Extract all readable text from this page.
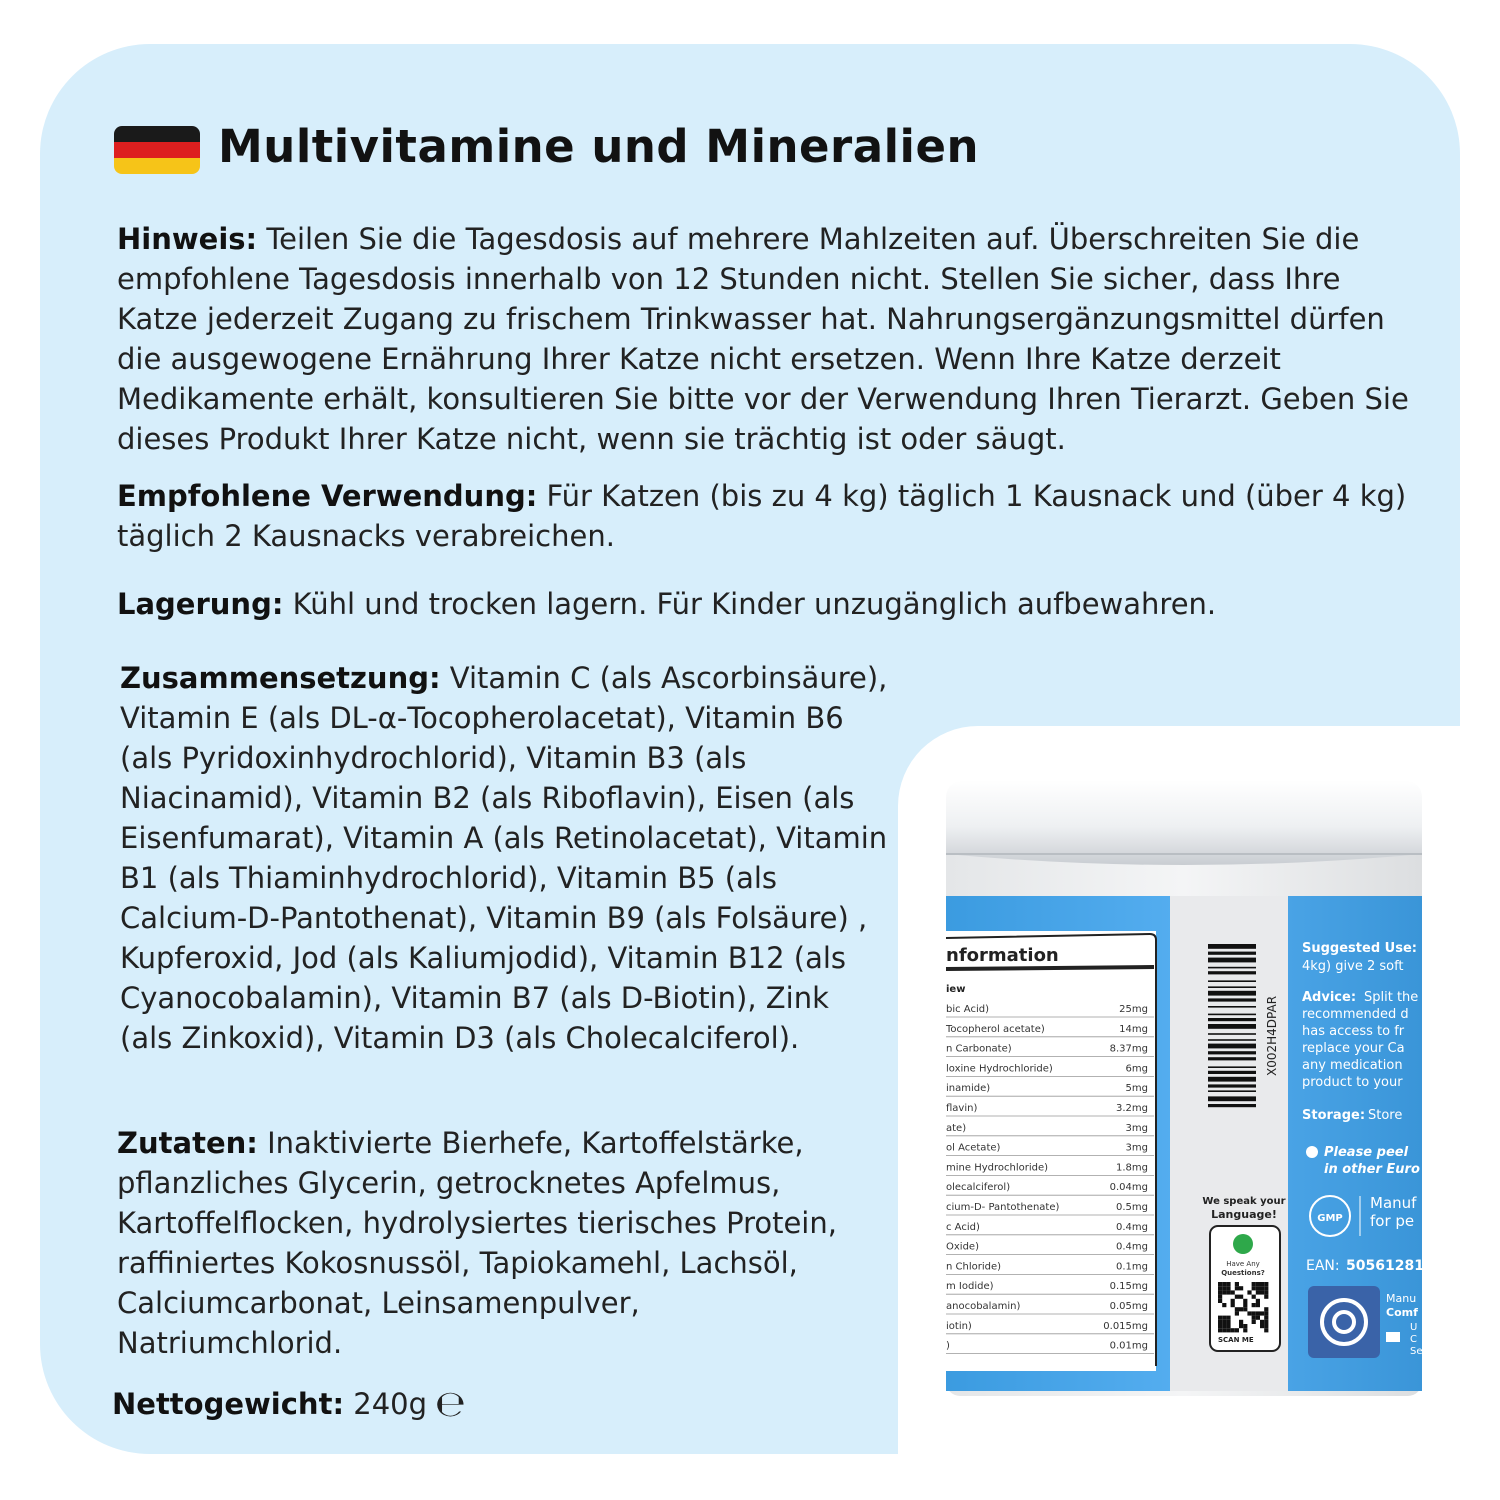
Multivitamine und Mineralien

Hinweis: Teilen Sie die Tagesdosis auf mehrere Mahlzeiten auf. Überschreiten Sie die empfohlene Tagesdosis innerhalb von 12 Stunden nicht. Stellen Sie sicher, dass Ihre Katze jederzeit Zugang zu frischem Trinkwasser hat. Nahrungsergänzungsmittel dürfen die ausgewogene Ernährung Ihrer Katze nicht ersetzen. Wenn Ihre Katze derzeit Medikamente erhält, konsultieren Sie bitte vor der Verwendung Ihren Tierarzt. Geben Sie dieses Produkt Ihrer Katze nicht, wenn sie trächtig ist oder säugt.

Empfohlene Verwendung: Für Katzen (bis zu 4 kg) täglich 1 Kausnack und (über 4 kg) täglich 2 Kausnacks verabreichen.

Lagerung: Kühl und trocken lagern. Für Kinder unzugänglich aufbewahren.

Zusammensetzung: Vitamin C (als Ascorbinsäure), Vitamin E (als DL-α-Tocopherolacetat), Vitamin B6 (als Pyridoxinhydrochlorid), Vitamin B3 (als Niacinamid), Vitamin B2 (als Riboflavin), Eisen (als Eisenfumarat), Vitamin A (als Retinolacetat), Vitamin B1 (als Thiaminhydrochlorid), Vitamin B5 (als Calcium-D-Pantothenat), Vitamin B9 (als Folsäure) , Kupferoxid, Jod (als Kaliumjodid), Vitamin B12 (als Cyanocobalamin), Vitamin B7 (als D-Biotin), Zink (als Zinkoxid), Vitamin D3 (als Cholecalciferol).

Zutaten: Inaktivierte Bierhefe, Kartoffelstärke, pflanzliches Glycerin, getrocknetes Apfelmus, Kartoffelflocken, hydrolysiertes tierisches Protein, raffiniertes Kokosnussöl, Tapiokamehl, Lachsöl, Calciumcarbonat, Leinsamenpulver, Natriumchlorid.

Nettogewicht: 240g ℮

nformation
iew
bic Acid)	25mg
Tocopherol acetate)	14mg
n Carbonate)	8.37mg
loxine Hydrochloride)	6mg
inamide)	5mg
flavin)	3.2mg
ate)	3mg
ol Acetate)	3mg
mine Hydrochloride)	1.8mg
olecalciferol)	0.04mg
cium-D- Pantothenate)	0.5mg
c Acid)	0.4mg
Oxide)	0.4mg
n Chloride)	0.1mg
m Iodide)	0.15mg
anocobalamin)	0.05mg
iotin)	0.015mg
)	0.01mg
X002H4DPAR
We speak your
Language!
Have Any
Questions?
SCAN ME
Suggested Use:
4kg) give 2 soft
Advice: Split the
recommended d
has access to fr
replace your Ca
any medication
product to your
Storage: Store
Please peel
in other Euro
GMP
Manuf
for pe
EAN: 50561281
Manu
Comf
U
C
Se
